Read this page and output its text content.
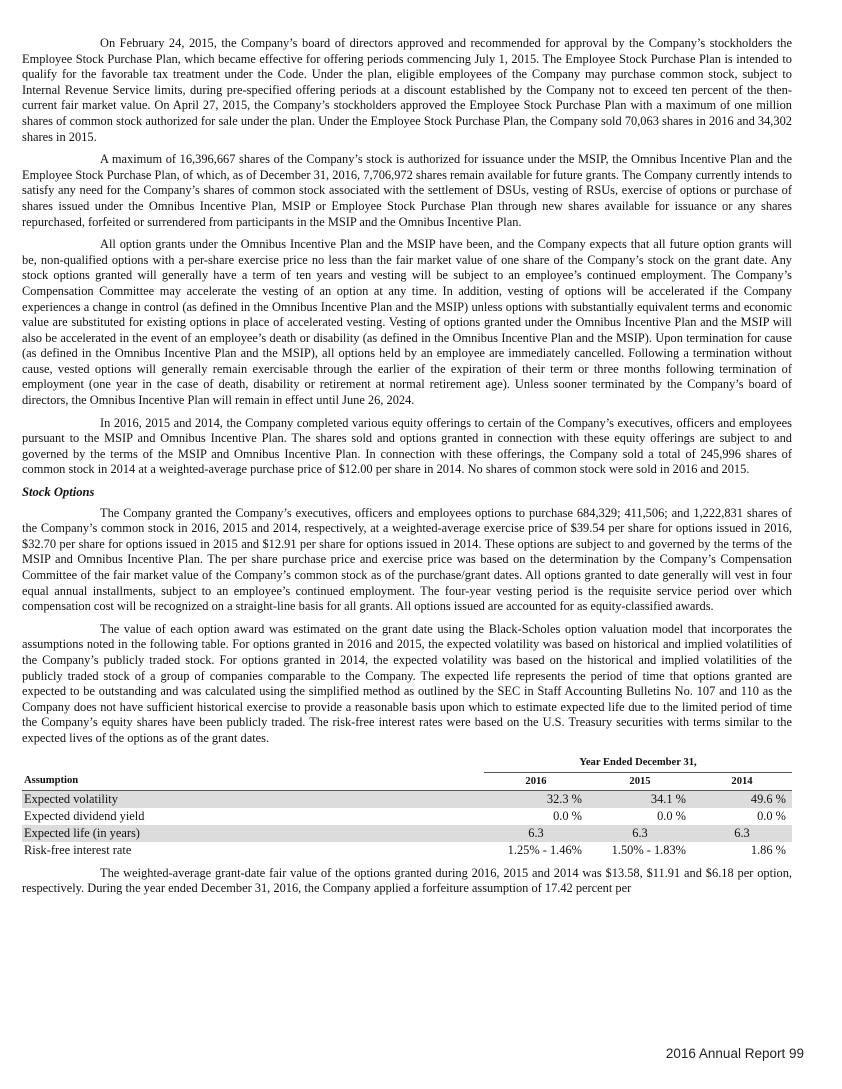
On February 24, 2015, the Company’s board of directors approved and recommended for approval by the Company’s stockholders the Employee Stock Purchase Plan, which became effective for offering periods commencing July 1, 2015. The Employee Stock Purchase Plan is intended to qualify for the favorable tax treatment under the Code. Under the plan, eligible employees of the Company may purchase common stock, subject to Internal Revenue Service limits, during pre-specified offering periods at a discount established by the Company not to exceed ten percent of the then-current fair market value. On April 27, 2015, the Company’s stockholders approved the Employee Stock Purchase Plan with a maximum of one million shares of common stock authorized for sale under the plan. Under the Employee Stock Purchase Plan, the Company sold 70,063 shares in 2016 and 34,302 shares in 2015.

A maximum of 16,396,667 shares of the Company’s stock is authorized for issuance under the MSIP, the Omnibus Incentive Plan and the Employee Stock Purchase Plan, of which, as of December 31, 2016, 7,706,972 shares remain available for future grants. The Company currently intends to satisfy any need for the Company’s shares of common stock associated with the settlement of DSUs, vesting of RSUs, exercise of options or purchase of shares issued under the Omnibus Incentive Plan, MSIP or Employee Stock Purchase Plan through new shares available for issuance or any shares repurchased, forfeited or surrendered from participants in the MSIP and the Omnibus Incentive Plan.

All option grants under the Omnibus Incentive Plan and the MSIP have been, and the Company expects that all future option grants will be, non-qualified options with a per-share exercise price no less than the fair market value of one share of the Company’s stock on the grant date. Any stock options granted will generally have a term of ten years and vesting will be subject to an employee’s continued employment. The Company’s Compensation Committee may accelerate the vesting of an option at any time. In addition, vesting of options will be accelerated if the Company experiences a change in control (as defined in the Omnibus Incentive Plan and the MSIP) unless options with substantially equivalent terms and economic value are substituted for existing options in place of accelerated vesting. Vesting of options granted under the Omnibus Incentive Plan and the MSIP will also be accelerated in the event of an employee’s death or disability (as defined in the Omnibus Incentive Plan and the MSIP). Upon termination for cause (as defined in the Omnibus Incentive Plan and the MSIP), all options held by an employee are immediately cancelled. Following a termination without cause, vested options will generally remain exercisable through the earlier of the expiration of their term or three months following termination of employment (one year in the case of death, disability or retirement at normal retirement age). Unless sooner terminated by the Company’s board of directors, the Omnibus Incentive Plan will remain in effect until June 26, 2024.

In 2016, 2015 and 2014, the Company completed various equity offerings to certain of the Company’s executives, officers and employees pursuant to the MSIP and Omnibus Incentive Plan. The shares sold and options granted in connection with these equity offerings are subject to and governed by the terms of the MSIP and Omnibus Incentive Plan. In connection with these offerings, the Company sold a total of 245,996 shares of common stock in 2014 at a weighted-average purchase price of $12.00 per share in 2014. No shares of common stock were sold in 2016 and 2015.

Stock Options

The Company granted the Company’s executives, officers and employees options to purchase 684,329; 411,506; and 1,222,831 shares of the Company’s common stock in 2016, 2015 and 2014, respectively, at a weighted-average exercise price of $39.54 per share for options issued in 2016, $32.70 per share for options issued in 2015 and $12.91 per share for options issued in 2014. These options are subject to and governed by the terms of the MSIP and Omnibus Incentive Plan. The per share purchase price and exercise price was based on the determination by the Company’s Compensation Committee of the fair market value of the Company’s common stock as of the purchase/grant dates. All options granted to date generally will vest in four equal annual installments, subject to an employee’s continued employment. The four-year vesting period is the requisite service period over which compensation cost will be recognized on a straight-line basis for all grants. All options issued are accounted for as equity-classified awards.

The value of each option award was estimated on the grant date using the Black-Scholes option valuation model that incorporates the assumptions noted in the following table. For options granted in 2016 and 2015, the expected volatility was based on historical and implied volatilities of the Company’s publicly traded stock. For options granted in 2014, the expected volatility was based on the historical and implied volatilities of the publicly traded stock of a group of companies comparable to the Company. The expected life represents the period of time that options granted are expected to be outstanding and was calculated using the simplified method as outlined by the SEC in Staff Accounting Bulletins No. 107 and 110 as the Company does not have sufficient historical exercise to provide a reasonable basis upon which to estimate expected life due to the limited period of time the Company’s equity shares have been publicly traded. The risk-free interest rates were based on the U.S. Treasury securities with terms similar to the expected lives of the options as of the grant dates.

	Year Ended December 31,		
Assumption	2016	2015	2014
Expected volatility	32.3 %	34.1 %	49.6 %
Expected dividend yield	0.0 %	0.0 %	0.0 %
Expected life (in years)	6.3	6.3	6.3
Risk-free interest rate	1.25% - 1.46%	1.50% - 1.83%	1.86 %

The weighted-average grant-date fair value of the options granted during 2016, 2015 and 2014 was $13.58, $11.91 and $6.18 per option, respectively. During the year ended December 31, 2016, the Company applied a forfeiture assumption of 17.42 percent per

2016 Annual Report 99
